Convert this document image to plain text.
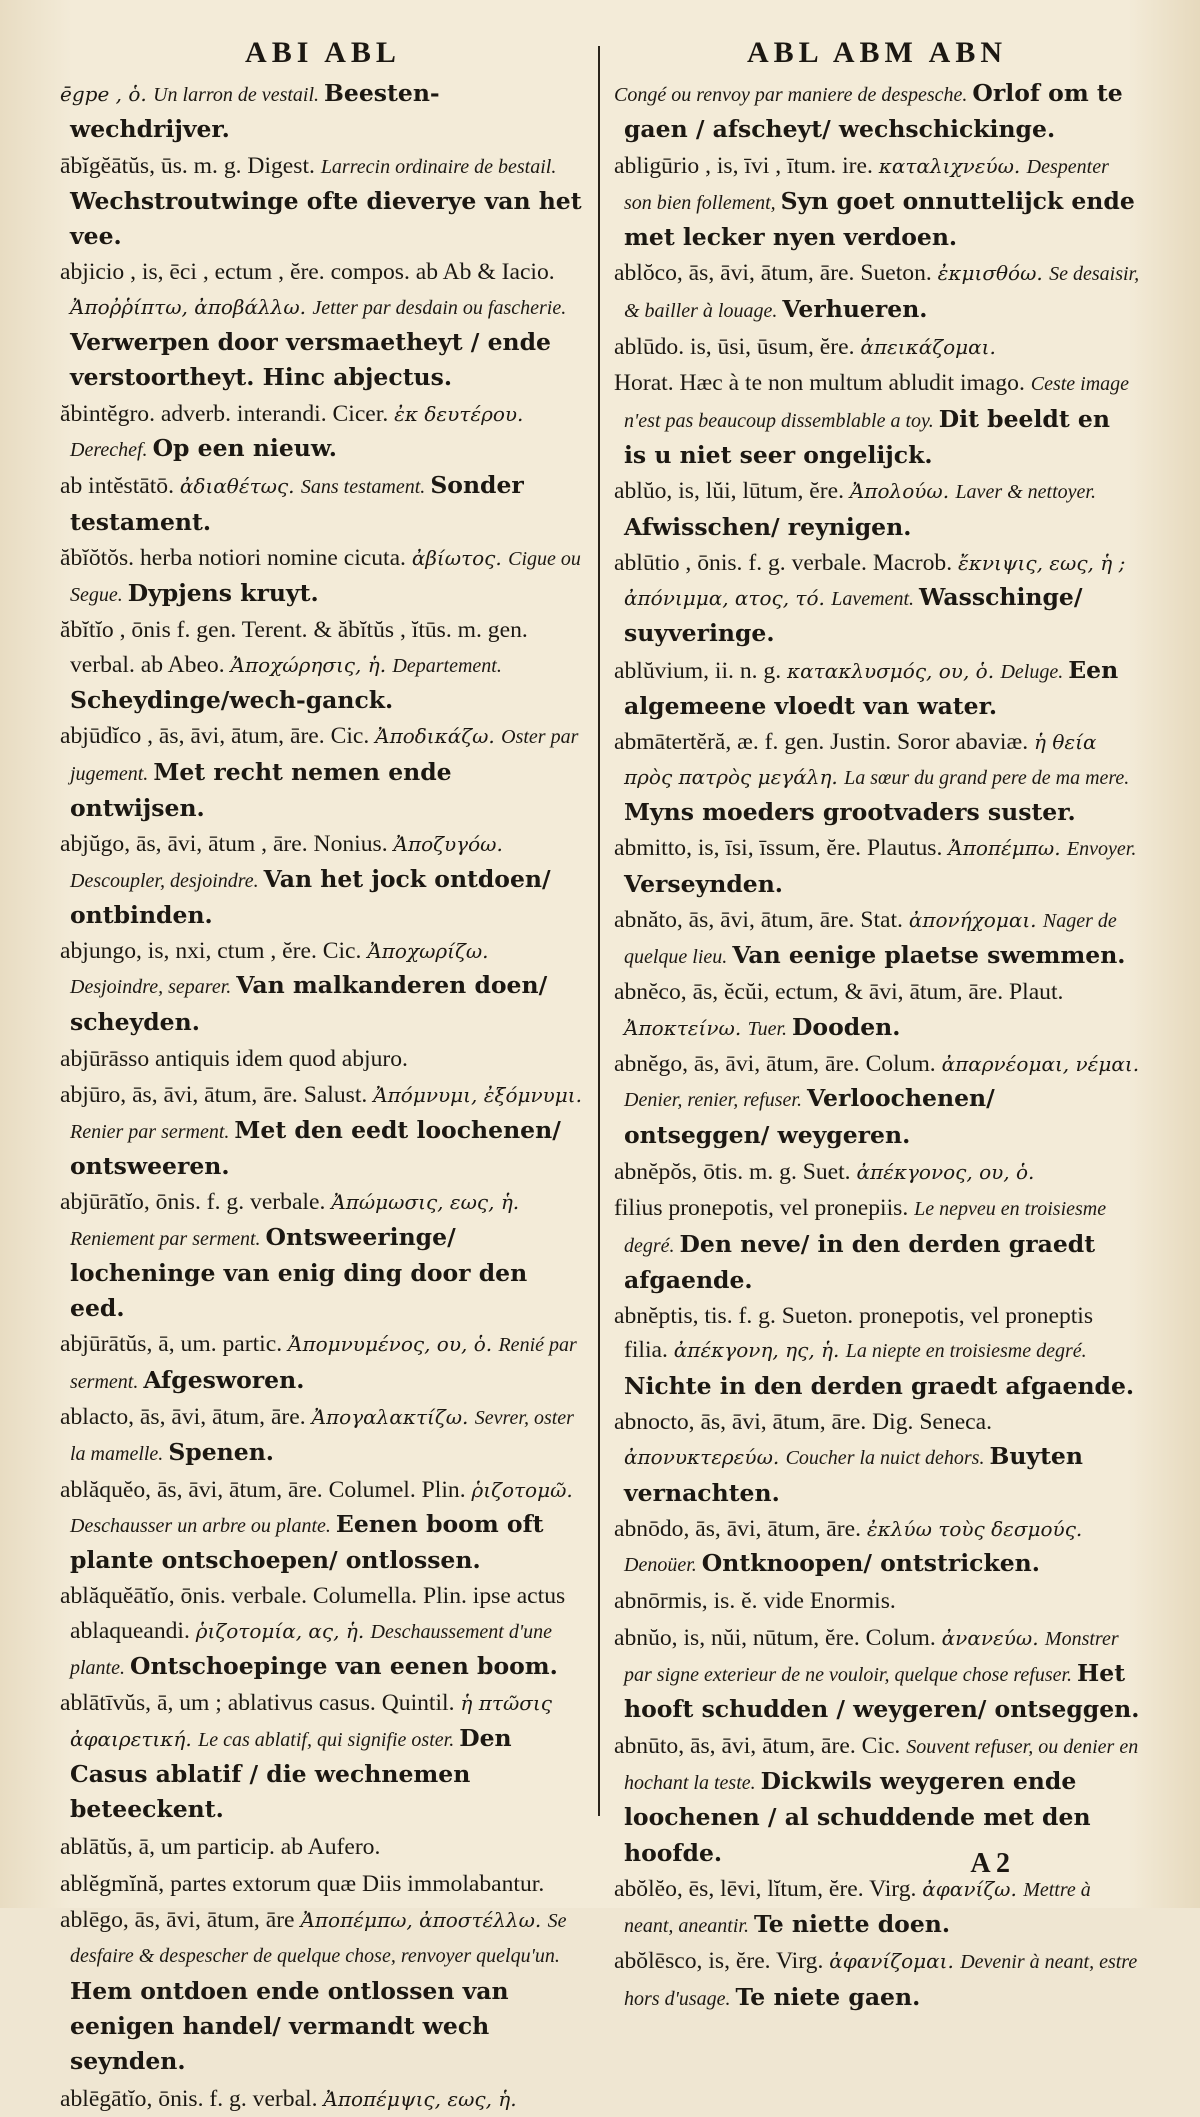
ABI ABL

ēgpe , ὁ. Un larron de vestail. Beesten-wechdrijver.

ābĭgĕātŭs, ūs. m. g. Digest. Larrecin ordinaire de bestail. Wechstroutwinge ofte dieverye van het vee.

abjicio , is, ēci , ectum , ĕre. compos. ab Ab & Iacio. Ἀποῤῥίπτω, ἀποβάλλω. Jetter par desdain ou fascherie. Verwerpen door versmaetheyt / ende verstoortheyt. Hinc abjectus.

ăbintĕgro. adverb. interandi. Cicer. ἐκ δευτέρου. Derechef. Op een nieuw.

ab intĕstātō. ἀδιαθέτως. Sans testament. Sonder testament.

ăbĭŏtŏs. herba notiori nomine cicuta. ἀβίωτος. Cigue ou Segue. Dypjens kruyt.

ăbĭtĭo , ōnis f. gen. Terent. & ăbĭtŭs , ĭtūs. m. gen. verbal. ab Abeo. Ἀποχώρησις, ἡ. Departement. Scheydinge/wech-ganck.

abjūdĭco , ās, āvi, ātum, āre. Cic. Ἀποδικάζω. Oster par jugement. Met recht nemen ende ontwijsen.

abjŭgo, ās, āvi, ātum , āre. Nonius. Ἀποζυγόω. Descoupler, desjoindre. Van het jock ontdoen/ ontbinden.

abjungo, is, nxi, ctum , ĕre. Cic. Ἀποχωρίζω. Desjoindre, separer. Van malkanderen doen/ scheyden.

abjūrāsso antiquis idem quod abjuro.

abjūro, ās, āvi, ātum, āre. Salust. Ἀπόμνυμι, ἐξόμνυμι. Renier par serment. Met den eedt loochenen/ ontsweeren.

abjūrātĭo, ōnis. f. g. verbale. Ἀπώμωσις, εως, ἡ. Reniement par serment. Ontsweeringe/ locheninge van enig ding door den eed.

abjūrātŭs, ā, um. partic. Ἀπομνυμένος, ου, ὁ. Renié par serment. Afgesworen.

ablacto, ās, āvi, ātum, āre. Ἀπογαλακτίζω. Sevrer, oster la mamelle. Spenen.

ablăquĕo, ās, āvi, ātum, āre. Columel. Plin. ῥιζοτομῶ. Deschausser un arbre ou plante. Eenen boom oft plante ontschoepen/ ontlossen.

ablăquĕātĭo, ōnis. verbale. Columella. Plin. ipse actus ablaqueandi. ῥιζοτομία, ας, ἡ. Deschaussement d'une plante. Ontschoepinge van eenen boom.

ablātīvŭs, ā, um ; ablativus casus. Quintil. ἡ πτῶσις ἀφαιρετική. Le cas ablatif, qui signifie oster. Den Casus ablatif / die wechnemen beteeckent.

ablātŭs, ā, um particip. ab Aufero.

ablĕgmĭnă, partes extorum quæ Diis immolabantur.

ablēgo, ās, āvi, ātum, āre Ἀποπέμπω, ἀποστέλλω. Se desfaire & despescher de quelque chose, renvoyer quelqu'un. Hem ontdoen ende ontlossen van eenigen handel/ vermandt wech seynden.

ablēgātĭo, ōnis. f. g. verbal. Ἀποπέμψις, εως, ἡ.

ABL ABM ABN

Congé ou renvoy par maniere de despesche. Orlof om te gaen / afscheyt/ wechschickinge.

abligūrio , is, īvi , ītum. ire. καταλιχνεύω. Despenter son bien follement, Syn goet onnuttelijck ende met lecker nyen verdoen.

ablŏco, ās, āvi, ātum, āre. Sueton. ἐκμισθόω. Se desaisir, & bailler à louage. Verhueren.

ablūdo. is, ūsi, ūsum, ĕre. ἀπεικάζομαι.

Horat. Hæc à te non multum abludit imago. Ceste image n'est pas beaucoup dissemblable a toy. Dit beeldt en is u niet seer ongelijck.

ablŭo, is, lŭi, lūtum, ĕre. Ἀπολούω. Laver & nettoyer. Afwisschen/ reynigen.

ablūtio , ōnis. f. g. verbale. Macrob. ἔκνιψις, εως, ἡ ; ἀπόνιμμα, ατος, τό. Lavement. Wasschinge/ suyveringe.

ablŭvium, ii. n. g. κατακλυσμός, ου, ὁ. Deluge. Een algemeene vloedt van water.

abmātertĕră, æ. f. gen. Justin. Soror abaviæ. ἡ θεία πρὸς πατρὸς μεγάλη. La sœur du grand pere de ma mere. Myns moeders grootvaders suster.

abmitto, is, īsi, īssum, ĕre. Plautus. Ἀποπέμπω. Envoyer. Verseynden.

abnăto, ās, āvi, ātum, āre. Stat. ἀπονήχομαι. Nager de quelque lieu. Van eenige plaetse swemmen.

abnĕco, ās, ĕcŭi, ectum, & āvi, ātum, āre. Plaut. Ἀποκτείνω. Tuer. Dooden.

abnĕgo, ās, āvi, ātum, āre. Colum. ἀπαρνέομαι, νέμαι. Denier, renier, refuser. Verloochenen/ ontseggen/ weygeren.

abnĕpŏs, ōtis. m. g. Suet. ἀπέκγονος, ου, ὁ.

filius pronepotis, vel pronepiis. Le nepveu en troisiesme degré. Den neve/ in den derden graedt afgaende.

abnĕptis, tis. f. g. Sueton. pronepotis, vel proneptis filia. ἀπέκγονη, ης, ἡ. La niepte en troisiesme degré. Nichte in den derden graedt afgaende.

abnocto, ās, āvi, ātum, āre. Dig. Seneca. ἀπονυκτερεύω. Coucher la nuict dehors. Buyten vernachten.

abnōdo, ās, āvi, ātum, āre. ἐκλύω τοὺς δεσμούς. Denoüer. Ontknoopen/ ontstricken.

abnōrmis, is. ĕ. vide Enormis.

abnŭo, is, nŭi, nūtum, ĕre. Colum. ἀνανεύω. Monstrer par signe exterieur de ne vouloir, quelque chose refuser. Het hooft schudden / weygeren/ ontseggen.

abnūto, ās, āvi, ātum, āre. Cic. Souvent refuser, ou denier en hochant la teste. Dickwils weygeren ende loochenen / al schuddende met den hoofde.

abŏlĕo, ēs, lēvi, lĭtum, ĕre. Virg. ἀφανίζω. Mettre à neant, aneantir. Te niette doen.

abŏlēsco, is, ĕre. Virg. ἀφανίζομαι. Devenir à neant, estre hors d'usage. Te niete gaen.

A 2
